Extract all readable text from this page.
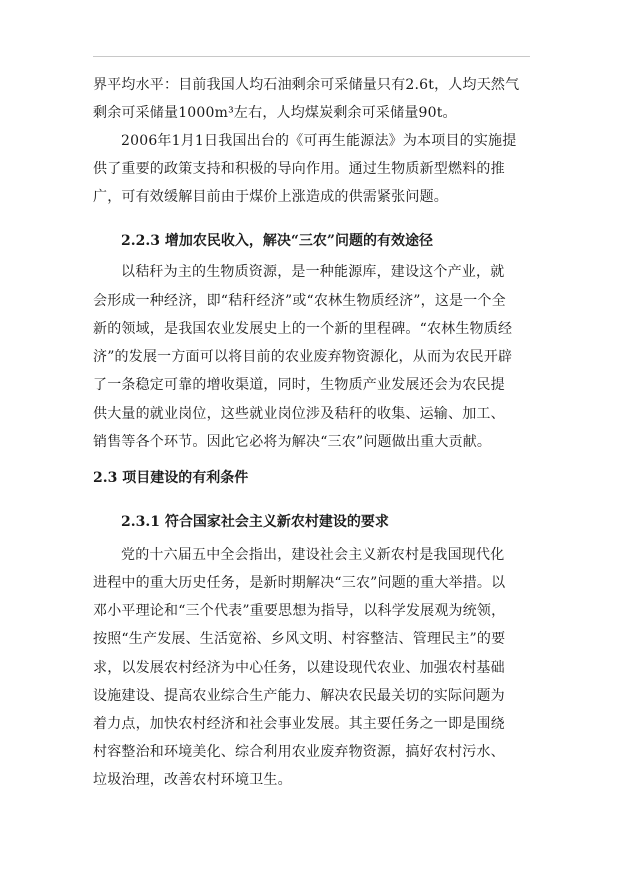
界平均水平：目前我国人均石油剩余可采储量只有2.6t，人均天然气
剩余可采储量1000m³左右，人均煤炭剩余可采储量90t。
2006年1月1日我国出台的《可再生能源法》为本项目的实施提
供了重要的政策支持和积极的导向作用。通过生物质新型燃料的推
广，可有效缓解目前由于煤价上涨造成的供需紧张问题。
2.2.3 增加农民收入，解决“三农”问题的有效途径
以秸秆为主的生物质资源，是一种能源库，建设这个产业，就
会形成一种经济，即“秸秆经济”或“农林生物质经济”，这是一个全
新的领域，是我国农业发展史上的一个新的里程碑。“农林生物质经
济”的发展一方面可以将目前的农业废弃物资源化，从而为农民开辟
了一条稳定可靠的增收渠道，同时，生物质产业发展还会为农民提
供大量的就业岗位，这些就业岗位涉及秸秆的收集、运输、加工、
销售等各个环节。因此它必将为解决“三农”问题做出重大贡献。
2.3 项目建设的有利条件
2.3.1 符合国家社会主义新农村建设的要求
党的十六届五中全会指出，建设社会主义新农村是我国现代化
进程中的重大历史任务，是新时期解决“三农”问题的重大举措。以
邓小平理论和“三个代表”重要思想为指导，以科学发展观为统领，
按照“生产发展、生活宽裕、乡风文明、村容整洁、管理民主”的要
求，以发展农村经济为中心任务，以建设现代农业、加强农村基础
设施建设、提高农业综合生产能力、解决农民最关切的实际问题为
着力点，加快农村经济和社会事业发展。其主要任务之一即是围绕
村容整治和环境美化、综合利用农业废弃物资源，搞好农村污水、
垃圾治理，改善农村环境卫生。
